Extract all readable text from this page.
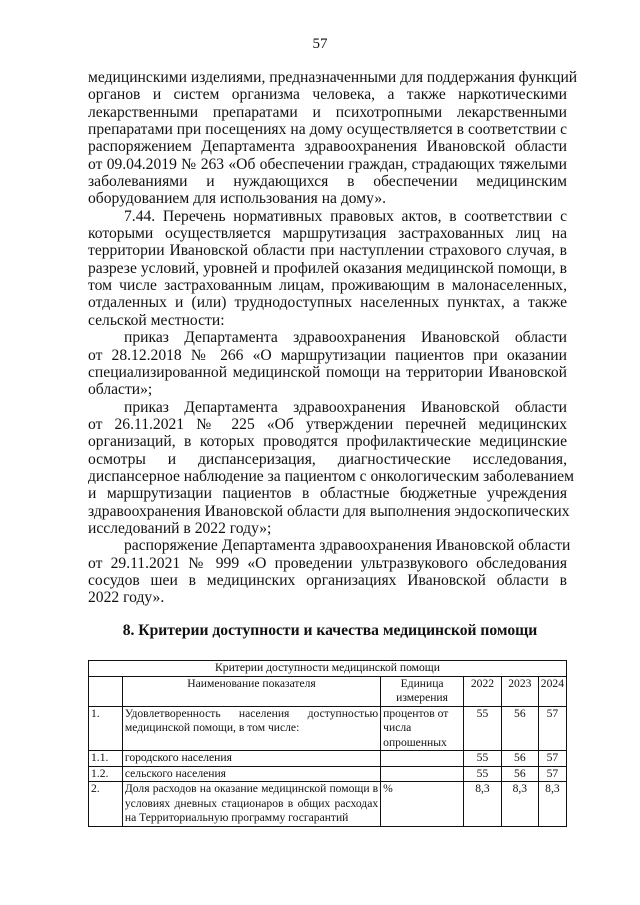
57
медицинскими изделиями, предназначенными для поддержания функций
органов и систем организма человека, а также наркотическими
лекарственными препаратами и психотропными лекарственными
препаратами при посещениях на дому осуществляется в соответствии с
распоряжением Департамента здравоохранения Ивановской области
от 09.04.2019 № 263 «Об обеспечении граждан, страдающих тяжелыми
заболеваниями и нуждающихся в обеспечении медицинским
оборудованием для использования на дому».
7.44. Перечень нормативных правовых актов, в соответствии с
которыми осуществляется маршрутизация застрахованных лиц на
территории Ивановской области при наступлении страхового случая, в
разрезе условий, уровней и профилей оказания медицинской помощи, в
том числе застрахованным лицам, проживающим в малонаселенных,
отдаленных и (или) труднодоступных населенных пунктах, а также
сельской местности:
приказ Департамента здравоохранения Ивановской области
от 28.12.2018 № 266 «О маршрутизации пациентов при оказании
специализированной медицинской помощи на территории Ивановской
области»;
приказ Департамента здравоохранения Ивановской области
от 26.11.2021 № 225 «Об утверждении перечней медицинских
организаций, в которых проводятся профилактические медицинские
осмотры и диспансеризация, диагностические исследования,
диспансерное наблюдение за пациентом с онкологическим заболеванием
и маршрутизации пациентов в областные бюджетные учреждения
здравоохранения Ивановской области для выполнения эндоскопических
исследований в 2022 году»;
распоряжение Департамента здравоохранения Ивановской области
от 29.11.2021 № 999 «О проведении ультразвукового обследования
сосудов шеи в медицинских организациях Ивановской области в
2022 году».
8. Критерии доступности и качества медицинской помощи
Критерии доступности медицинской помощи					
	Наименование показателя	Единица измерения	2022	2023	2024
1.	Удовлетворенность населения доступностью медицинской помощи, в том числе:	процентов от числа опрошенных	55	56	57
1.1.	городского населения		55	56	57
1.2.	сельского населения		55	56	57
2.	Доля расходов на оказание медицинской помощи в условиях дневных стационаров в общих расходах на Территориальную программу госгарантий	%	8,3	8,3	8,3
